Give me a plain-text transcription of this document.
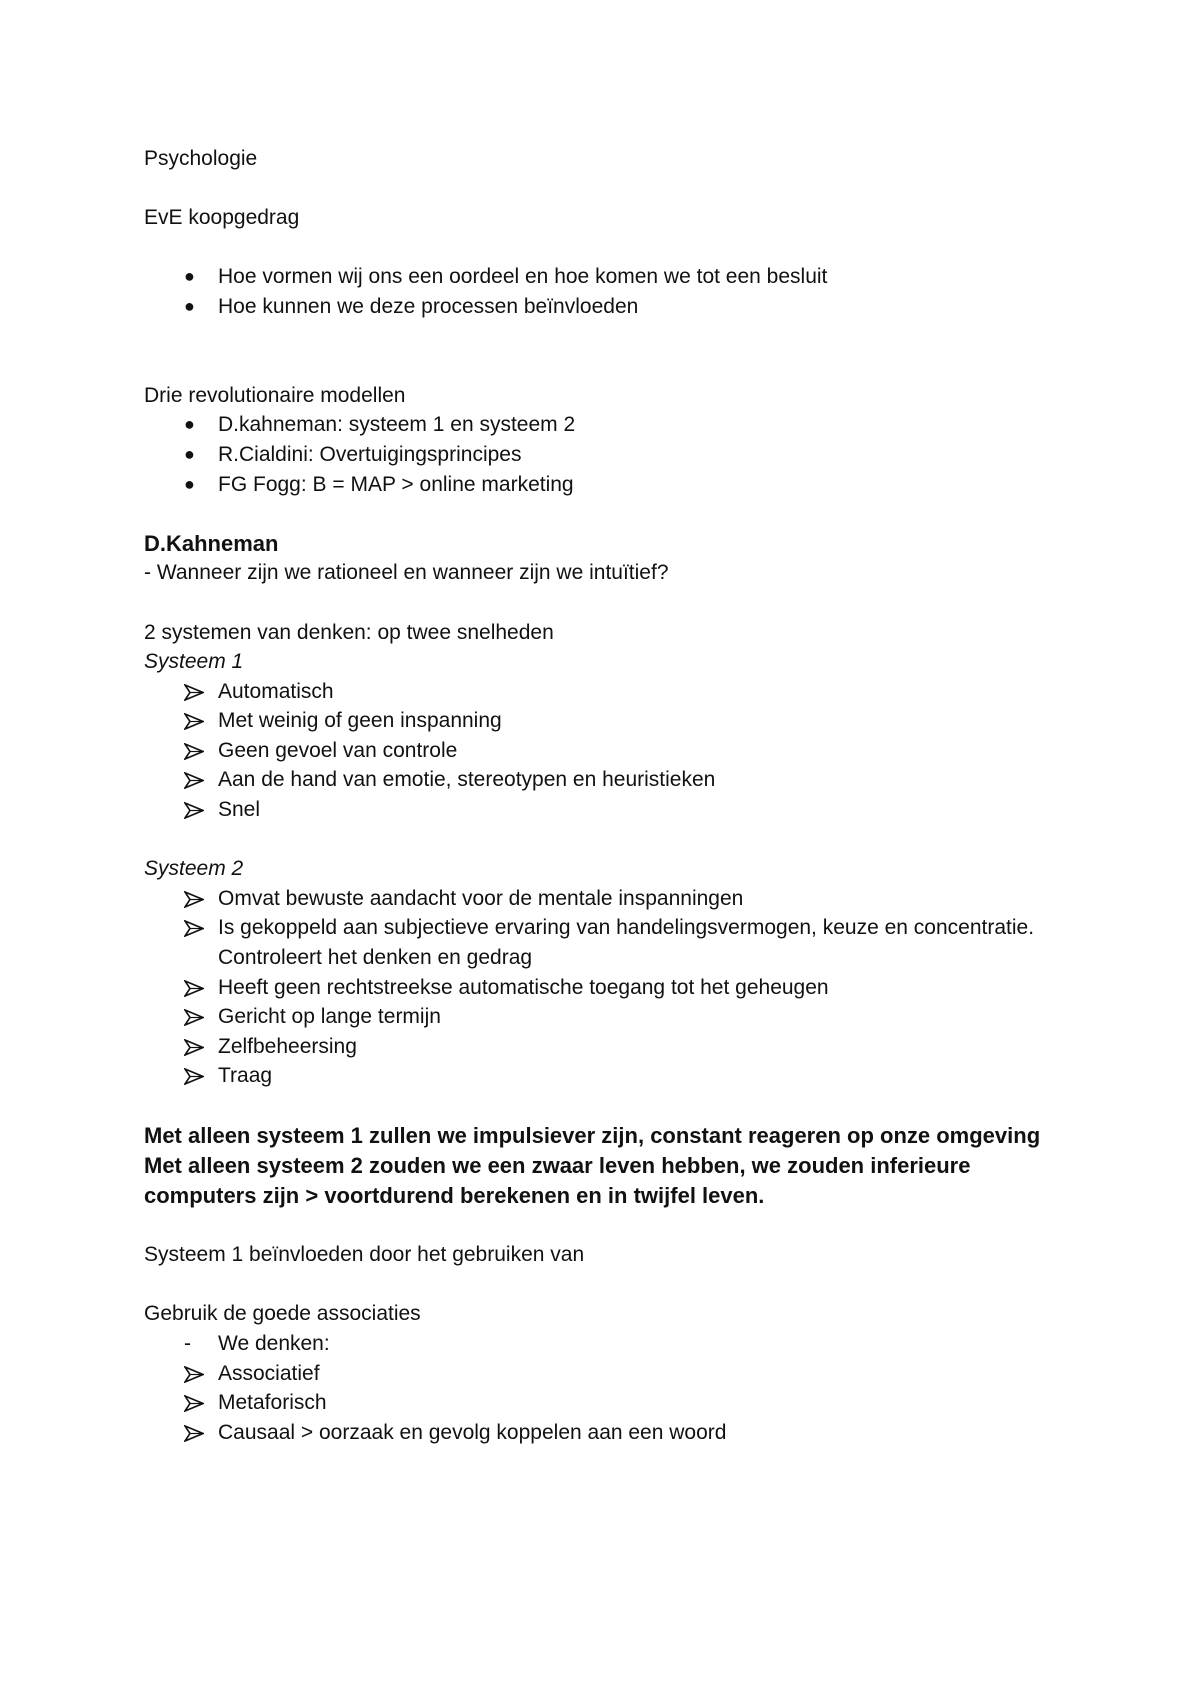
Psychologie

EvE koopgedrag

●	Hoe vormen wij ons een oordeel en hoe komen we tot een besluit
●	Hoe kunnen we deze processen beïnvloeden

Drie revolutionaire modellen

●	D.kahneman: systeem 1 en systeem 2
●	R.Cialdini: Overtuigingsprincipes
●	FG Fogg: B = MAP > online marketing

D.Kahneman

- Wanneer zijn we rationeel en wanneer zijn we intuïtief?

2 systemen van denken: op twee snelheden

Systeem 1

Automatisch
Met weinig of geen inspanning
Geen gevoel van controle
Aan de hand van emotie, stereotypen en heuristieken
Snel

Systeem 2

Omvat bewuste aandacht voor de mentale inspanningen
Is gekoppeld aan subjectieve ervaring van handelingsvermogen, keuze en concentratie. Controleert het denken en gedrag
Heeft geen rechtstreekse automatische toegang tot het geheugen
Gericht op lange termijn
Zelfbeheersing
Traag

Met alleen systeem 1 zullen we impulsiever zijn, constant reageren op onze omgeving

Met alleen systeem 2 zouden we een zwaar leven hebben, we zouden inferieure computers zijn > voortdurend berekenen en in twijfel leven.

Systeem 1 beïnvloeden door het gebruiken van

Gebruik de goede associaties

-	We denken:
Associatief
Metaforisch
Causaal > oorzaak en gevolg koppelen aan een woord
